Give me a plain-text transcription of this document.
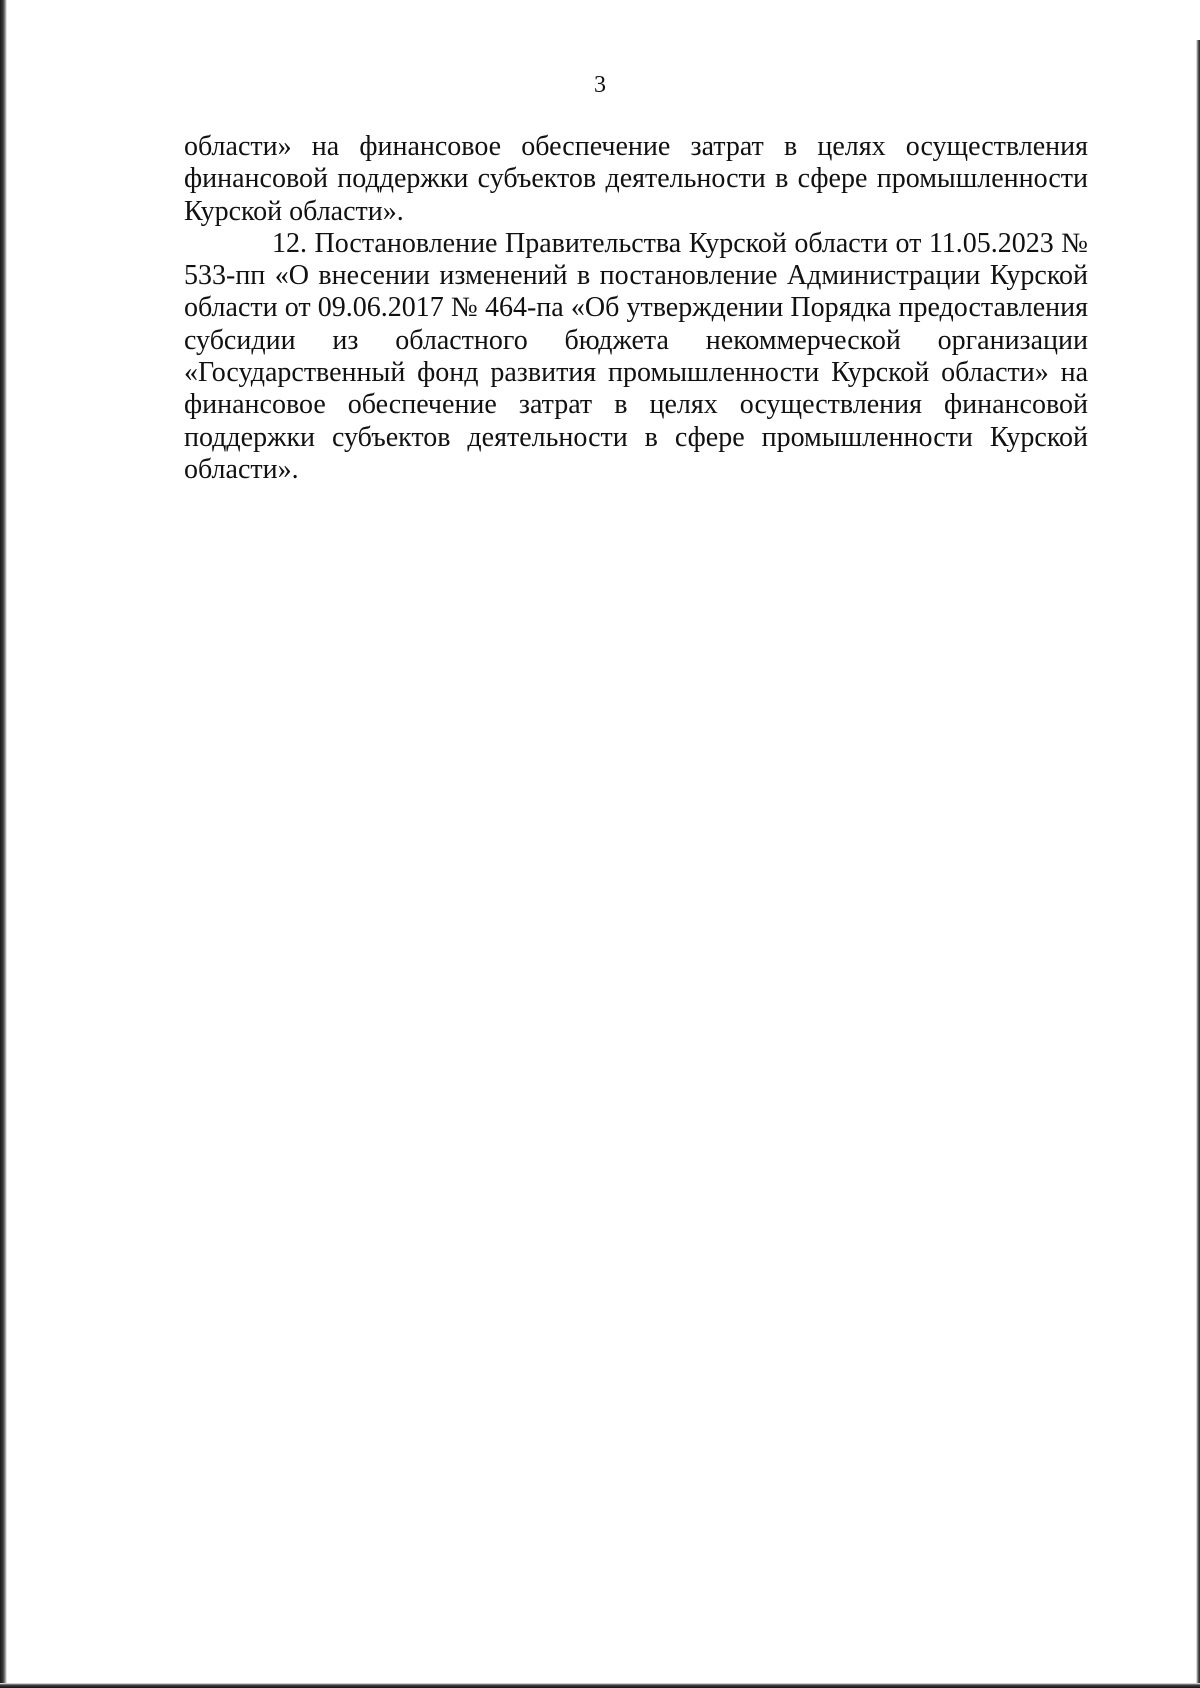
3

области» на финансовое обеспечение затрат в целях осуществления финансовой поддержки субъектов деятельности в сфере промышленности Курской области».

12. Постановление Правительства Курской области от 11.05.2023 № 533-пп «О внесении изменений в постановление Администрации Курской области от 09.06.2017 № 464-па «Об утверждении Порядка предоставления субсидии из областного бюджета некоммерческой организации «Государственный фонд развития промышленности Курской области» на финансовое обеспечение затрат в целях осуществления финансовой поддержки субъектов деятельности в сфере промышленности Курской области».
